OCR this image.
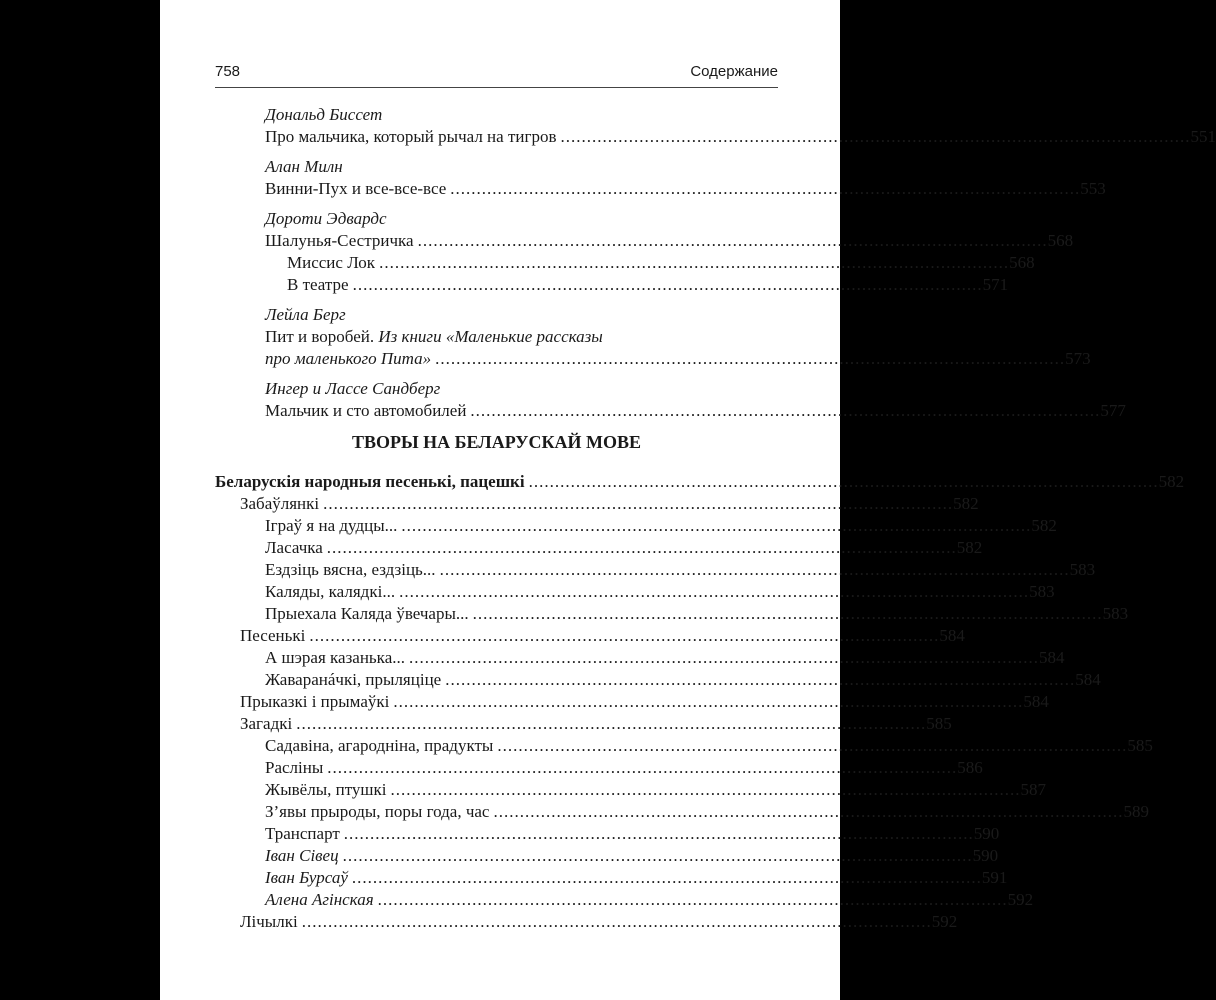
758	Содержание
Дональд Биссет
Про мальчика, который рычал на тигров ........................................................................................................................ 551
Алан Милн
Винни-Пух и все-все-все ........................................................................................................................ 553
Дороти Эдвардс
Шалунья-Сестричка ........................................................................................................................ 568
Миссис Лок ........................................................................................................................ 568
В театре ........................................................................................................................ 571
Лейла Берг
Пит и воробей. Из книги «Маленькие рассказы
про маленького Пита» ........................................................................................................................ 573
Ингер и Лассе Сандберг
Мальчик и сто автомобилей ........................................................................................................................ 577
ТВОРЫ НА БЕЛАРУСКАЙ МОВЕ
Беларускія народныя песенькі, пацешкі ........................................................................................................................ 582
Забаўлянкі ........................................................................................................................ 582
Іграў я на дудцы... ........................................................................................................................ 582
Ласачка ........................................................................................................................ 582
Ездзіць вясна, ездзіць... ........................................................................................................................ 583
Каляды, калядкі... ........................................................................................................................ 583
Прыехала Каляда ўвечары... ........................................................................................................................ 583
Песенькі ........................................................................................................................ 584
А шэрая казанька... ........................................................................................................................ 584
Жаваранáчкі, прыляціце ........................................................................................................................ 584
Прыказкі і прымаўкі ........................................................................................................................ 584
Загадкі ........................................................................................................................ 585
Садавіна, агародніна, прадукты ........................................................................................................................ 585
Расліны ........................................................................................................................ 586
Жывёлы, птушкі ........................................................................................................................ 587
З’явы прыроды, поры года, час ........................................................................................................................ 589
Транспарт ........................................................................................................................ 590
Іван Сівец ........................................................................................................................ 590
Іван Бурсаў ........................................................................................................................ 591
Алена Агінская ........................................................................................................................ 592
Лічылкі ........................................................................................................................ 592
